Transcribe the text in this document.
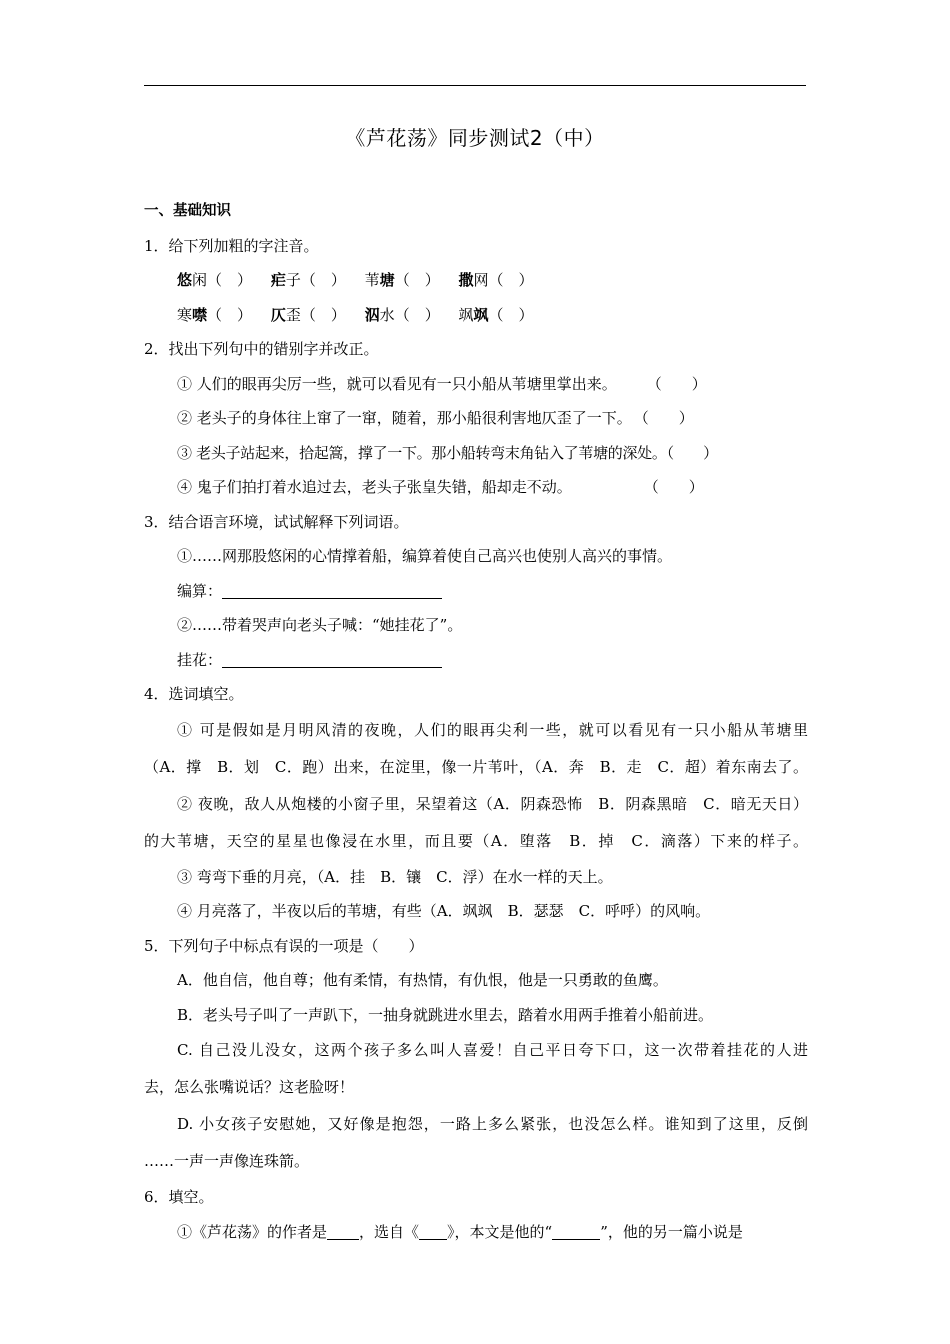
《芦花荡》同步测试2（中）
一、基础知识
1．给下列加粗的字注音。
悠闲（　） 疟子（　） 苇塘（　） 撒网（　）
寒噤（　） 仄歪（　） 泅水（　） 飒飒（　）
2．找出下列句中的错别字并改正。
① 人们的眼再尖厉一些，就可以看见有一只小船从苇塘里掌出来。 （　　）
② 老头子的身体往上窜了一窜，随着，那小船很利害地仄歪了一下。 （　　）
③ 老头子站起来，拾起篙，撑了一下。那小船转弯末角钻入了苇塘的深处。（　　）
④ 鬼子们拍打着水追过去，老头子张皇失错，船却走不动。	（　　）
3．结合语言环境，试试解释下列词语。
①……网那股悠闲的心情撑着船，编算着使自己高兴也使别人高兴的事情。
编算：
②……带着哭声向老头子喊：“她挂花了”。
挂花：
4．选词填空。
① 可是假如是月明风清的夜晚，人们的眼再尖利一些，就可以看见有一只小船从苇塘里
（A．撑　B．划　C．跑）出来，在淀里，像一片苇叶，（A．奔　B．走　C．超）着东南去了。
② 夜晚，敌人从炮楼的小窗子里，呆望着这（A．阴森恐怖　B．阴森黑暗　C．暗无天日）
的大苇塘，天空的星星也像浸在水里，而且要（A．堕落　B．掉　C．滴落）下来的样子。
③ 弯弯下垂的月亮，（A．挂　B．镶　C．浮）在水一样的天上。
④ 月亮落了，半夜以后的苇塘，有些（A．飒飒　B．瑟瑟　C．呼呼）的风响。
5．下列句子中标点有误的一项是（　　）
A．他自信，他自尊；他有柔情，有热情，有仇恨，他是一只勇敢的鱼鹰。
B．老头号子叫了一声趴下，一抽身就跳进水里去，踏着水用两手推着小船前进。
C. 自己没儿没女，这两个孩子多么叫人喜爱！自己平日夸下口，这一次带着挂花的人进
去，怎么张嘴说话？这老脸呀！
D. 小女孩子安慰她，又好像是抱怨，一路上多么紧张，也没怎么样。谁知到了这里，反倒
……一声一声像连珠箭。
6．填空。
①《芦花荡》的作者是 ，选自《 》，本文是他的“	”，他的另一篇小说是
